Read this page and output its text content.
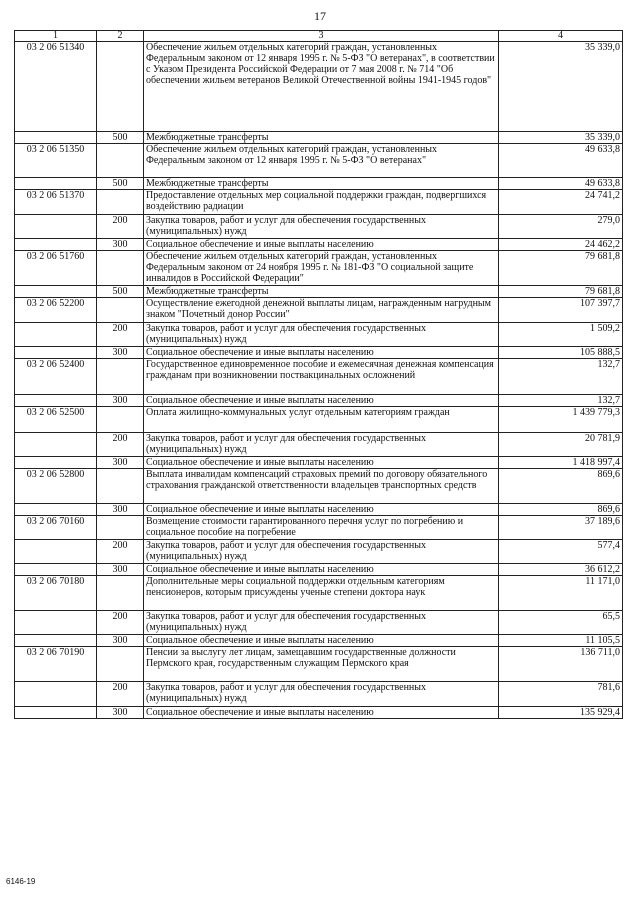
17
1	2	3	4
03 2 06 51340		Обеспечение жильем отдельных категорий граждан, установленных Федеральным законом от 12 января 1995 г. № 5-ФЗ "О ветеранах", в соответствии с Указом Президента Российской Федерации от 7 мая 2008 г. № 714 "Об обеспечении жильем ветеранов Великой Отечественной войны 1941-1945 годов"	35 339,0
	500	Межбюджетные трансферты	35 339,0
03 2 06 51350		Обеспечение жильем отдельных категорий граждан, установленных Федеральным законом от 12 января 1995 г. № 5-ФЗ "О ветеранах"	49 633,8
	500	Межбюджетные трансферты	49 633,8
03 2 06 51370		Предоставление отдельных мер социальной поддержки граждан, подвергшихся воздействию радиации	24 741,2
	200	Закупка товаров, работ и услуг для обеспечения государственных (муниципальных) нужд	279,0
	300	Социальное обеспечение и иные выплаты населению	24 462,2
03 2 06 51760		Обеспечение жильем отдельных категорий граждан, установленных Федеральным законом от 24 ноября 1995 г. № 181-ФЗ "О социальной защите инвалидов в Российской Федерации"	79 681,8
	500	Межбюджетные трансферты	79 681,8
03 2 06 52200		Осуществление ежегодной денежной выплаты лицам, награжденным нагрудным знаком "Почетный донор России"	107 397,7
	200	Закупка товаров, работ и услуг для обеспечения государственных (муниципальных) нужд	1 509,2
	300	Социальное обеспечение и иные выплаты населению	105 888,5
03 2 06 52400		Государственное единовременное пособие и ежемесячная денежная компенсация гражданам при возникновении поствакцинальных осложнений	132,7
	300	Социальное обеспечение и иные выплаты населению	132,7
03 2 06 52500		Оплата жилищно-коммунальных услуг отдельным категориям граждан	1 439 779,3
	200	Закупка товаров, работ и услуг для обеспечения государственных (муниципальных) нужд	20 781,9
	300	Социальное обеспечение и иные выплаты населению	1 418 997,4
03 2 06 52800		Выплата инвалидам компенсаций страховых премий по договору обязательного страхования гражданской ответственности владельцев транспортных средств	869,6
	300	Социальное обеспечение и иные выплаты населению	869,6
03 2 06 70160		Возмещение стоимости гарантированного перечня услуг по погребению и социальное пособие на погребение	37 189,6
	200	Закупка товаров, работ и услуг для обеспечения государственных (муниципальных) нужд	577,4
	300	Социальное обеспечение и иные выплаты населению	36 612,2
03 2 06 70180		Дополнительные меры социальной поддержки отдельным категориям пенсионеров, которым присуждены ученые степени доктора наук	11 171,0
	200	Закупка товаров, работ и услуг для обеспечения государственных (муниципальных) нужд	65,5
	300	Социальное обеспечение и иные выплаты населению	11 105,5
03 2 06 70190		Пенсии за выслугу лет лицам, замещавшим государственные должности Пермского края, государственным служащим Пермского края	136 711,0
	200	Закупка товаров, работ и услуг для обеспечения государственных (муниципальных) нужд	781,6
	300	Социальное обеспечение и иные выплаты населению	135 929,4
6146-19
